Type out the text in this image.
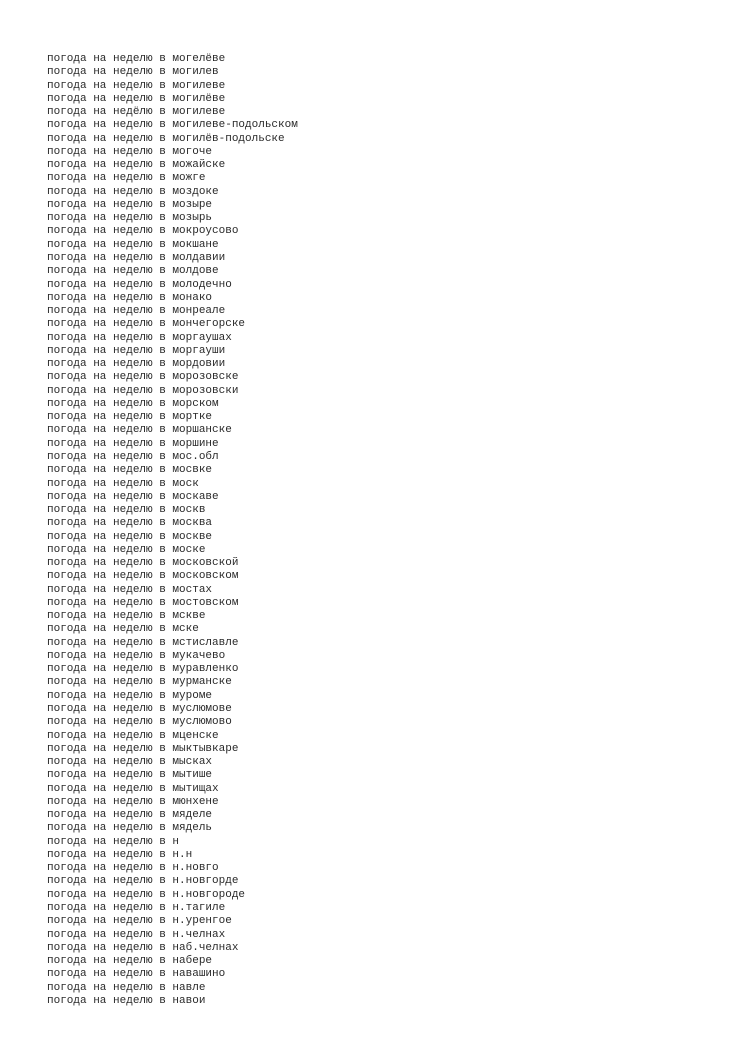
погода на неделю в могелёве
погода на неделю в могилев
погода на неделю в могилеве
погода на неделю в могилёве
погода на недёлю в могилеве
погода на неделю в могилеве-подольском
погода на неделю в могилёв-подольске
погода на неделю в могоче
погода на неделю в можайске
погода на неделю в можге
погода на неделю в моздоке
погода на неделю в мозыре
погода на неделю в мозырь
погода на неделю в мокроусово
погода на неделю в мокшане
погода на неделю в молдавии
погода на неделю в молдове
погода на неделю в молодечно
погода на неделю в монако
погода на неделю в монреале
погода на неделю в мончегорске
погода на неделю в моргаушах
погода на неделю в моргауши
погода на неделю в мордовии
погода на неделю в морозовске
погода на неделю в морозовски
погода на неделю в морском
погода на неделю в мортке
погода на неделю в моршанске
погода на неделю в моршине
погода на неделю в мос.обл
погода на неделю в мосвке
погода на неделю в моск
погода на неделю в москаве
погода на неделю в москв
погода на неделю в москва
погода на неделю в москве
погода на неделю в моске
погода на неделю в московской
погода на неделю в московском
погода на неделю в мостах
погода на неделю в мостовском
погода на неделю в мскве
погода на неделю в мске
погода на неделю в мстиславле
погода на неделю в мукачево
погода на неделю в муравленко
погода на неделю в мурманске
погода на неделю в муроме
погода на неделю в муслюмове
погода на неделю в муслюмово
погода на неделю в мценске
погода на неделю в мыктывкаре
погода на неделю в мысках
погода на неделю в мытише
погода на неделю в мытищах
погода на неделю в мюнхене
погода на неделю в мяделе
погода на неделю в мядель
погода на неделю в н
погода на неделю в н.н
погода на неделю в н.новго
погода на неделю в н.новгорде
погода на неделю в н.новгороде
погода на неделю в н.тагиле
погода на неделю в н.уренгое
погода на неделю в н.челнах
погода на неделю в наб.челнах
погода на неделю в набере
погода на неделю в навашино
погода на неделю в навле
погода на неделю в навои
